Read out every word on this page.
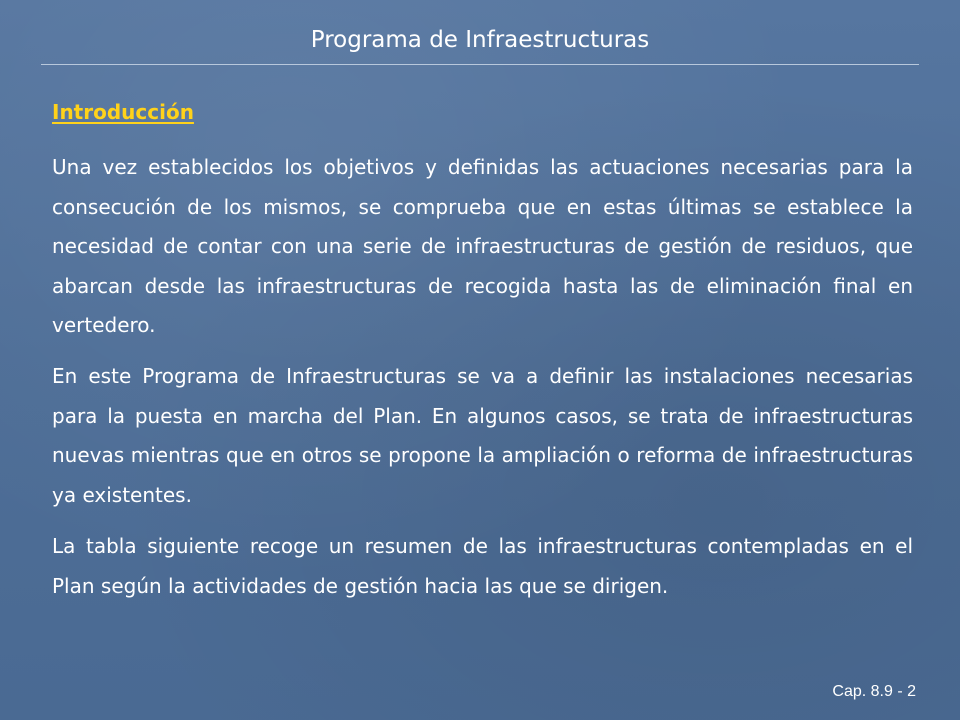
Programa de Infraestructuras
Introducción

Una vez establecidos los objetivos y definidas las actuaciones necesarias para la consecución de los mismos, se comprueba que en estas últimas se establece la necesidad de contar con una serie de infraestructuras de gestión de residuos, que abarcan desde las infraestructuras de recogida hasta las de eliminación final en vertedero.

En este Programa de Infraestructuras se va a definir las instalaciones necesarias para la puesta en marcha del Plan. En algunos casos, se trata de infraestructuras nuevas mientras que en otros se propone la ampliación o reforma de infraestructuras ya existentes.

La tabla siguiente recoge un resumen de las infraestructuras contempladas en el Plan según la actividades de gestión hacia las que se dirigen.

Cap. 8.9 - 2
